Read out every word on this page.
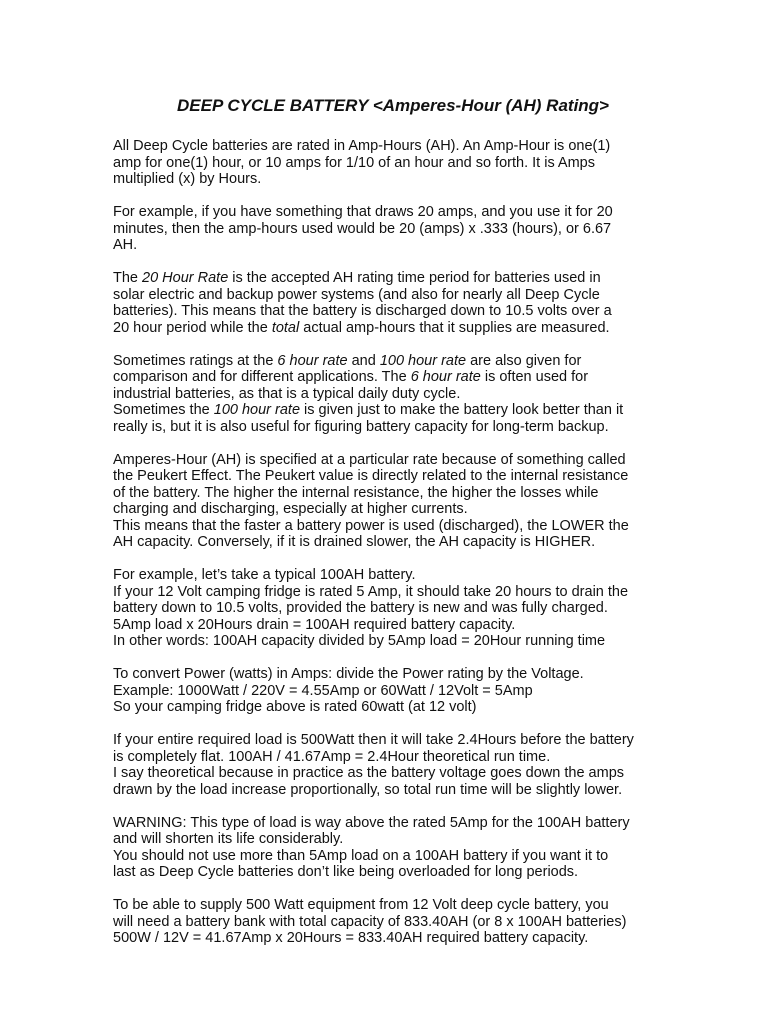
DEEP CYCLE BATTERY <Amperes-Hour (AH) Rating>

All Deep Cycle batteries are rated in Amp-Hours (AH). An Amp-Hour is one(1)
amp for one(1) hour, or 10 amps for 1/10 of an hour and so forth. It is Amps
multiplied (x) by Hours.

For example, if you have something that draws 20 amps, and you use it for 20
minutes, then the amp-hours used would be 20 (amps) x .333 (hours), or 6.67
AH.

The 20 Hour Rate is the accepted AH rating time period for batteries used in
solar electric and backup power systems (and also for nearly all Deep Cycle
batteries). This means that the battery is discharged down to 10.5 volts over a
20 hour period while the total actual amp-hours that it supplies are measured.

Sometimes ratings at the 6 hour rate and 100 hour rate are also given for
comparison and for different applications. The 6 hour rate is often used for
industrial batteries, as that is a typical daily duty cycle.
Sometimes the 100 hour rate is given just to make the battery look better than it
really is, but it is also useful for figuring battery capacity for long-term backup.

Amperes-Hour (AH) is specified at a particular rate because of something called
the Peukert Effect. The Peukert value is directly related to the internal resistance
of the battery. The higher the internal resistance, the higher the losses while
charging and discharging, especially at higher currents.
This means that the faster a battery power is used (discharged), the LOWER the
AH capacity. Conversely, if it is drained slower, the AH capacity is HIGHER.

For example, let’s take a typical 100AH battery.
If your 12 Volt camping fridge is rated 5 Amp, it should take 20 hours to drain the
battery down to 10.5 volts, provided the battery is new and was fully charged.
5Amp load x 20Hours drain = 100AH required battery capacity.
In other words: 100AH capacity divided by 5Amp load = 20Hour running time

To convert Power (watts) in Amps: divide the Power rating by the Voltage.
Example: 1000Watt / 220V = 4.55Amp or 60Watt / 12Volt = 5Amp
So your camping fridge above is rated 60watt (at 12 volt)

If your entire required load is 500Watt then it will take 2.4Hours before the battery
is completely flat. 100AH / 41.67Amp = 2.4Hour theoretical run time.
I say theoretical because in practice as the battery voltage goes down the amps
drawn by the load increase proportionally, so total run time will be slightly lower.

WARNING: This type of load is way above the rated 5Amp for the 100AH battery
and will shorten its life considerably.
You should not use more than 5Amp load on a 100AH battery if you want it to
last as Deep Cycle batteries don’t like being overloaded for long periods.

To be able to supply 500 Watt equipment from 12 Volt deep cycle battery, you
will need a battery bank with total capacity of 833.40AH (or 8 x 100AH batteries)
500W / 12V = 41.67Amp x 20Hours = 833.40AH required battery capacity.
